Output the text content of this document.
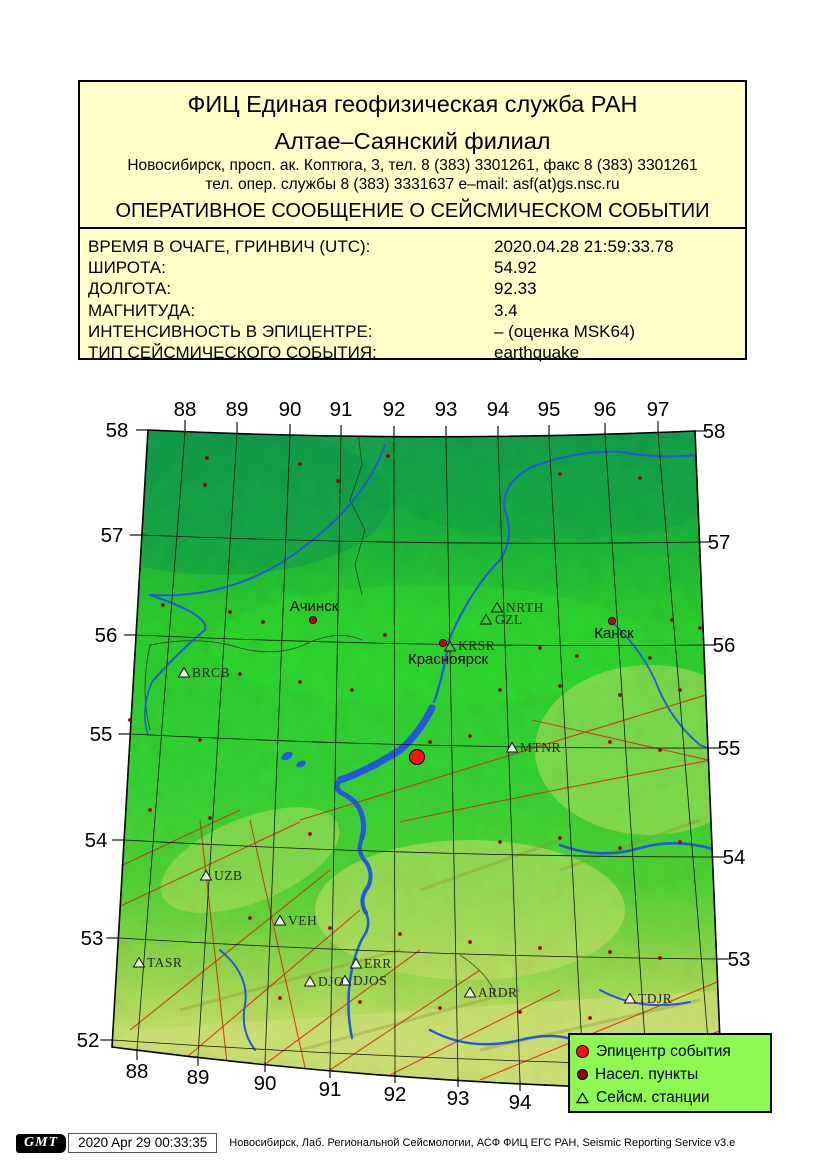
ФИЦ Единая геофизическая служба РАН
Алтае–Саянский филиал
Новосибирск, просп. ак. Коптюга, 3, тел. 8 (383) 3301261, факс 8 (383) 3301261
тел. опер. службы 8 (383) 3331637 e–mail: asf(at)gs.nsc.ru
ОПЕРАТИВНОЕ СООБЩЕНИЕ О СЕЙСМИЧЕСКОМ СОБЫТИИ
ВРЕМЯ В ОЧАГЕ, ГРИНВИЧ (UTC):	2020.04.28 21:59:33.78
ШИРОТА:	54.92
ДОЛГОТА:	92.33
МАГНИТУДА:	3.4
ИНТЕНСИВНОСТЬ В ЭПИЦЕНТРЕ:	– (оценка MSK64)
ТИП СЕЙСМИЧЕСКОГО СОБЫТИЯ:	earthquake
88 89 90 91 92 93 94 95 96 97
88 89 90 91 92 93 94
58
57
56
55
54
53
52
58
57
56
55
54
53
Ачинск
Красноярск
Канск
BRCB
NRTH
GZL
KRSR
MTNR
UZB
VEH
TASR	ERR
DJO DJOS
ARDR	TDJR
Эпицентр события
Насел. пункты
Сейсм. станции
GMT	2020 Apr 29 00:33:35	Новосибирск, Лаб. Региональной Сейсмологии, АСФ ФИЦ ЕГС РАН, Seismic Reporting Service v3.e
